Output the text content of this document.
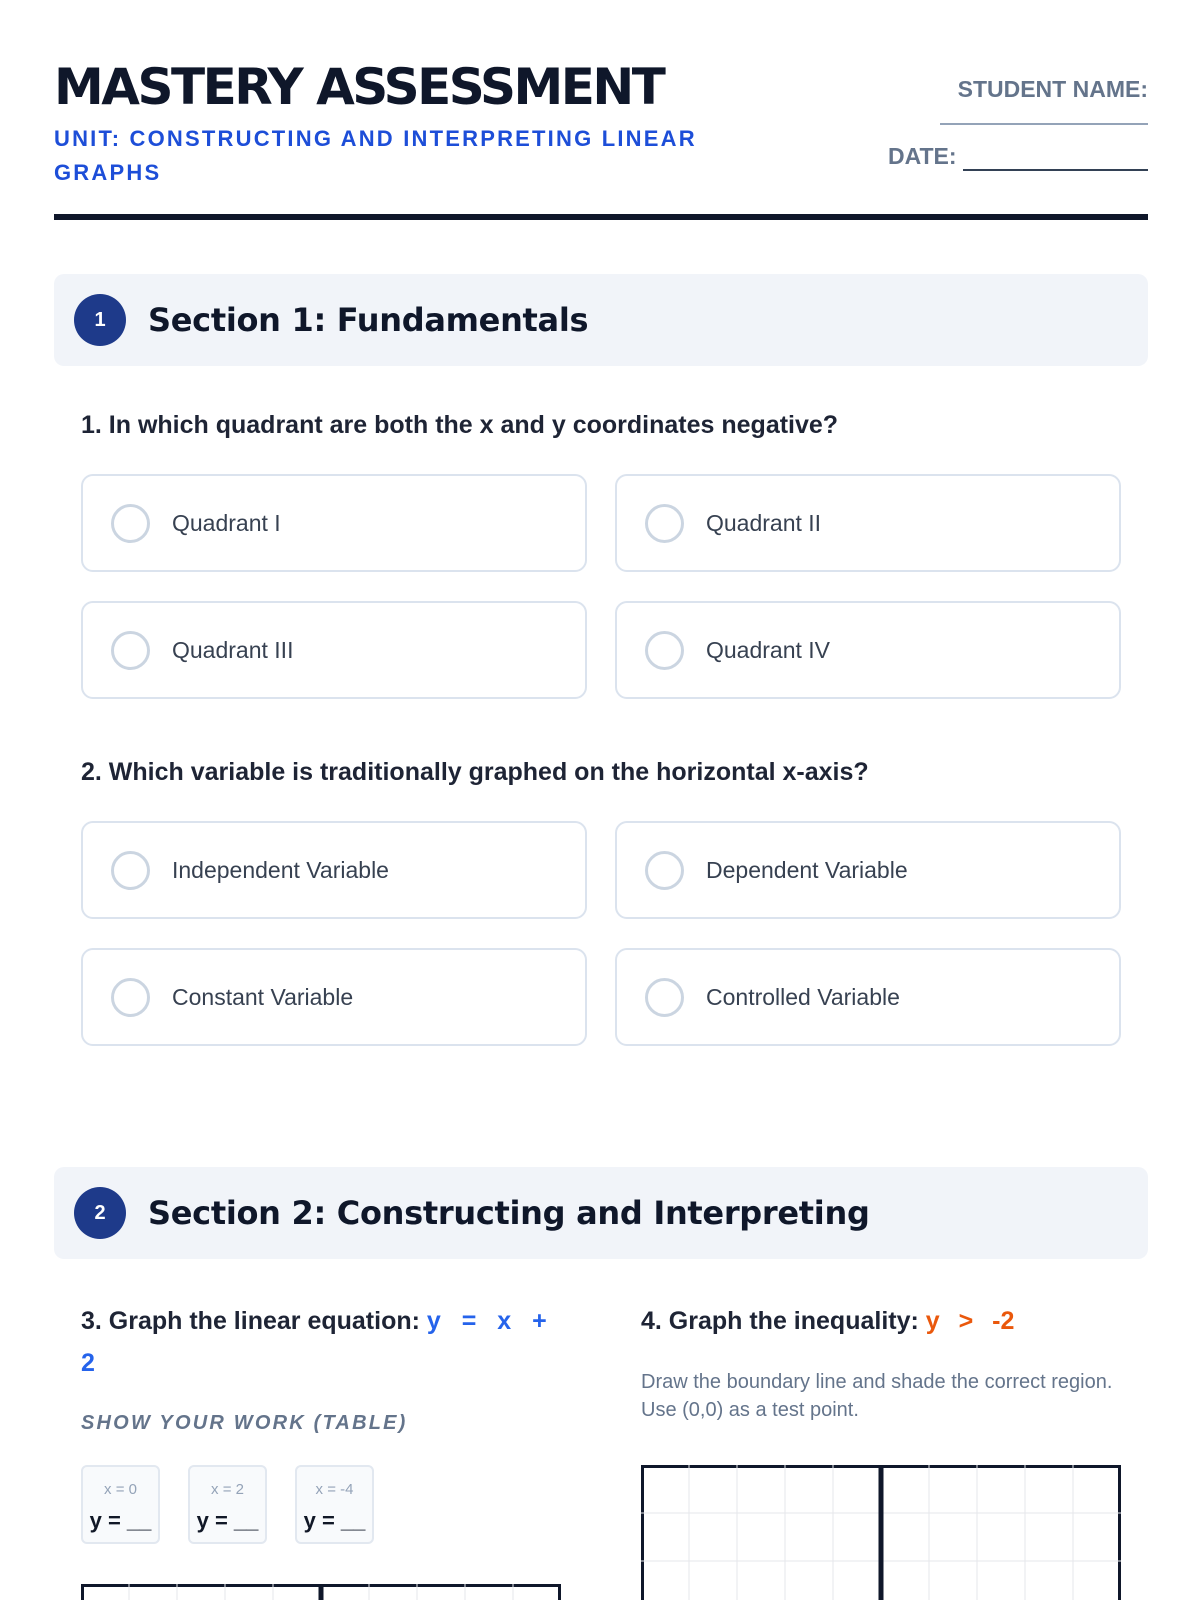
MASTERY ASSESSMENT
UNIT: CONSTRUCTING AND INTERPRETING LINEAR GRAPHS
STUDENT NAME:
DATE:
1	Section 1: Fundamentals
1. In which quadrant are both the x and y coordinates negative?
Quadrant I	Quadrant II
Quadrant III	Quadrant IV
2. Which variable is traditionally graphed on the horizontal x-axis?
Independent Variable	Dependent Variable
Constant Variable	Controlled Variable
2	Section 2: Constructing and Interpreting
3. Graph the linear equation: y = x + 2
4. Graph the inequality: y > -2
Draw the boundary line and shade the correct region. Use (0,0) as a test point.
SHOW YOUR WORK (TABLE)
x = 0
y = __
x = 2
y = __
x = -4
y = __
